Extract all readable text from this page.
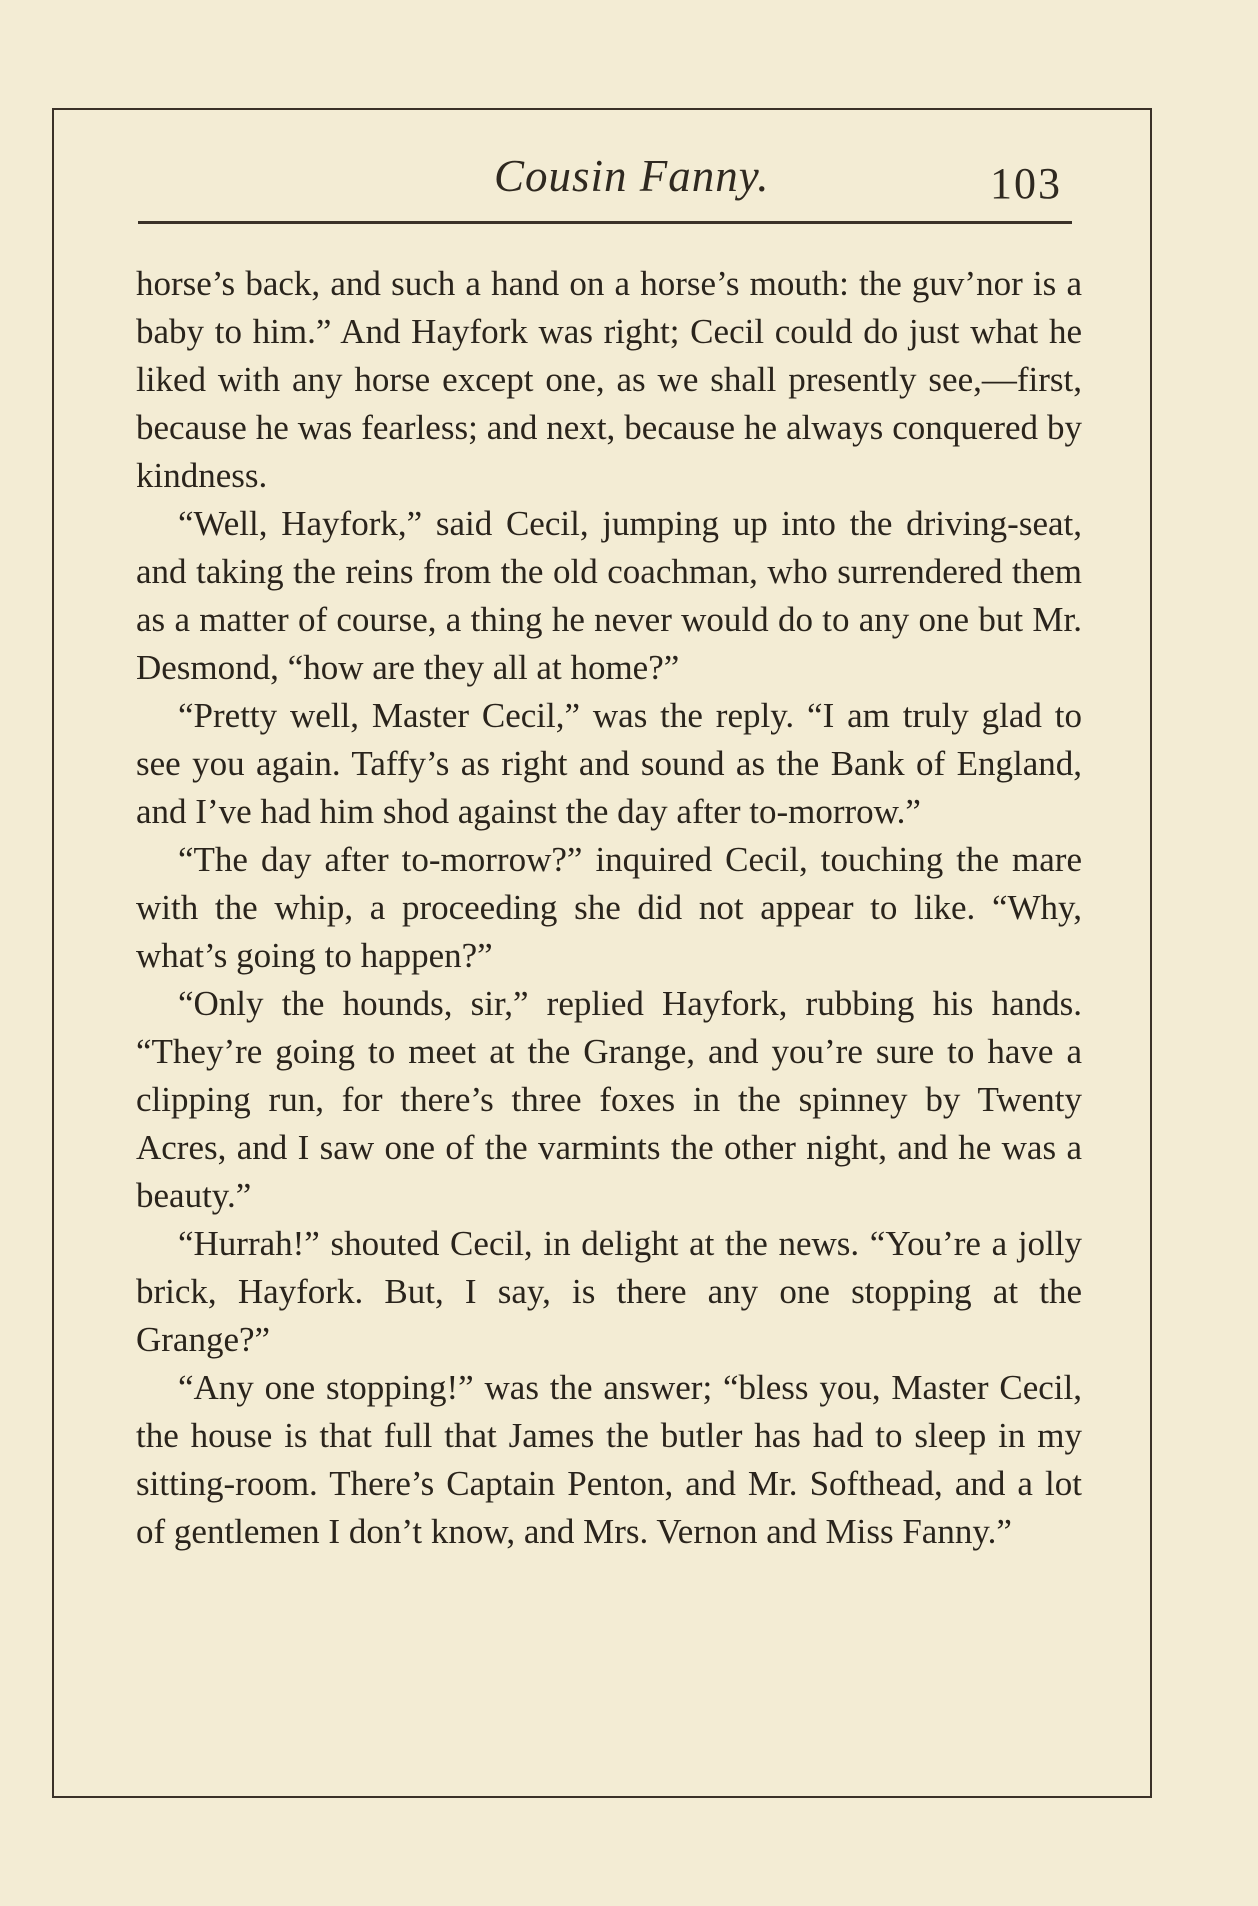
Cousin Fanny.	103

horse’s back, and such a hand on a horse’s mouth: the guv’nor is a baby to him.” And Hayfork was right; Cecil could do just what he liked with any horse except one, as we shall presently see,—first, because he was fearless; and next, because he always conquered by kindness.

“Well, Hayfork,” said Cecil, jumping up into the driving-seat, and taking the reins from the old coachman, who surrendered them as a matter of course, a thing he never would do to any one but Mr. Desmond, “how are they all at home?”

“Pretty well, Master Cecil,” was the reply. “I am truly glad to see you again. Taffy’s as right and sound as the Bank of England, and I’ve had him shod against the day after to-morrow.”

“The day after to-morrow?” inquired Cecil, touching the mare with the whip, a proceeding she did not appear to like. “Why, what’s going to happen?”

“Only the hounds, sir,” replied Hayfork, rubbing his hands. “They’re going to meet at the Grange, and you’re sure to have a clipping run, for there’s three foxes in the spinney by Twenty Acres, and I saw one of the varmints the other night, and he was a beauty.”

“Hurrah!” shouted Cecil, in delight at the news. “You’re a jolly brick, Hayfork. But, I say, is there any one stopping at the Grange?”

“Any one stopping!” was the answer; “bless you, Master Cecil, the house is that full that James the butler has had to sleep in my sitting-room. There’s Captain Penton, and Mr. Softhead, and a lot of gentlemen I don’t know, and Mrs. Vernon and Miss Fanny.”
